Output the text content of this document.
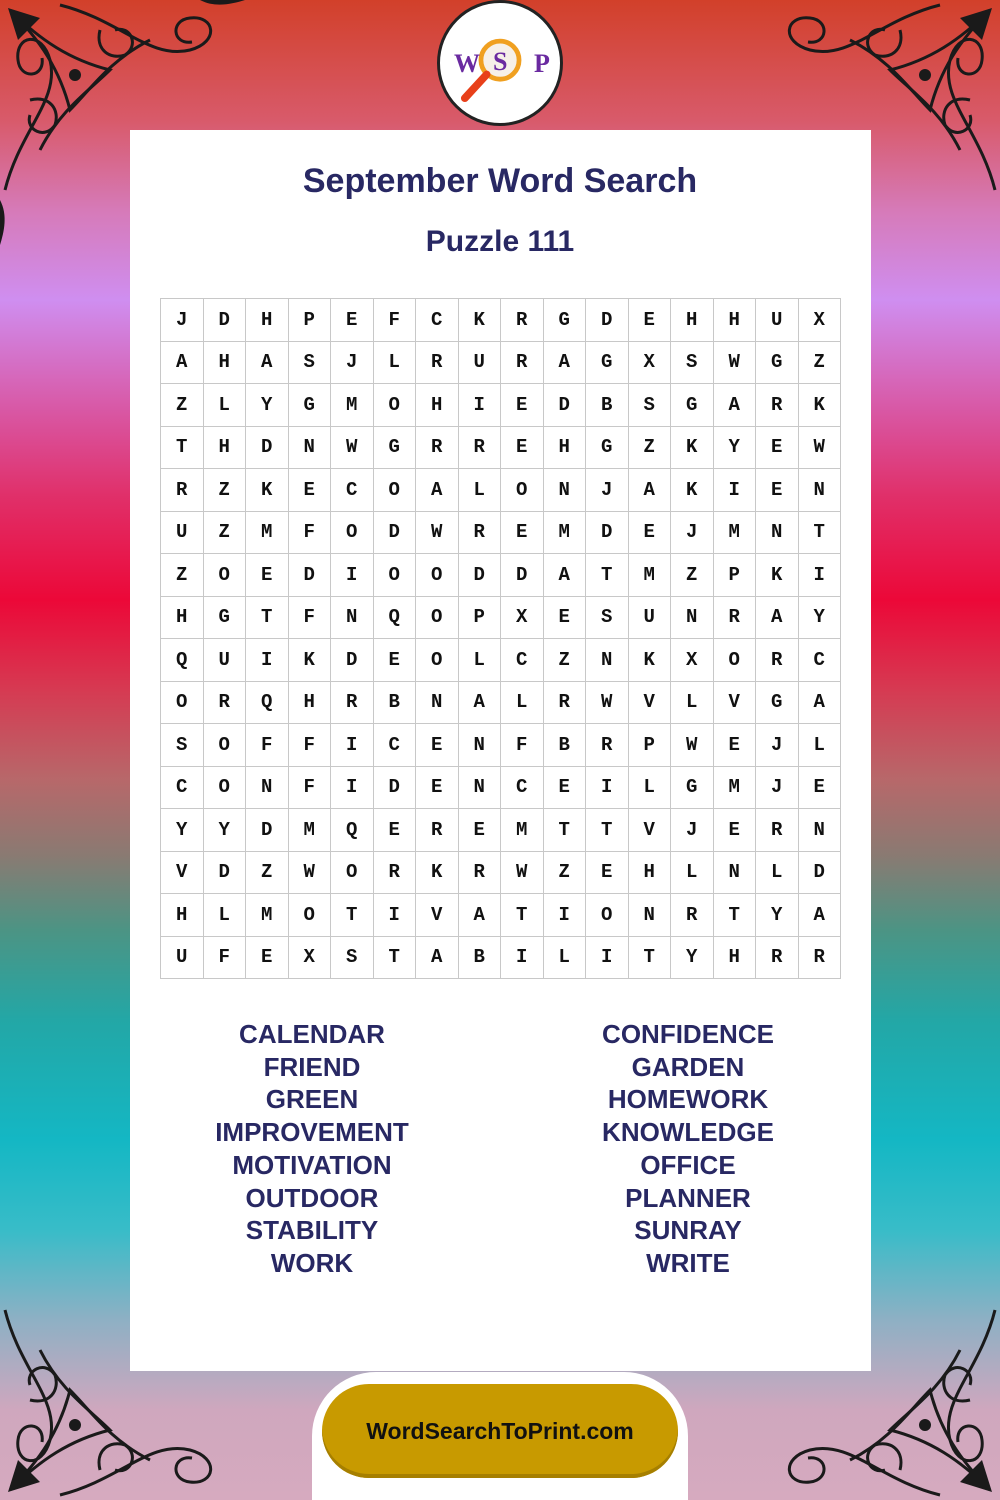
W S P
September Word Search
Puzzle 111
J	D	H	P	E	F	C	K	R	G	D	E	H	H	U	X
A	H	A	S	J	L	R	U	R	A	G	X	S	W	G	Z
Z	L	Y	G	M	O	H	I	E	D	B	S	G	A	R	K
T	H	D	N	W	G	R	R	E	H	G	Z	K	Y	E	W
R	Z	K	E	C	O	A	L	O	N	J	A	K	I	E	N
U	Z	M	F	O	D	W	R	E	M	D	E	J	M	N	T
Z	O	E	D	I	O	O	D	D	A	T	M	Z	P	K	I
H	G	T	F	N	Q	O	P	X	E	S	U	N	R	A	Y
Q	U	I	K	D	E	O	L	C	Z	N	K	X	O	R	C
O	R	Q	H	R	B	N	A	L	R	W	V	L	V	G	A
S	O	F	F	I	C	E	N	F	B	R	P	W	E	J	L
C	O	N	F	I	D	E	N	C	E	I	L	G	M	J	E
Y	Y	D	M	Q	E	R	E	M	T	T	V	J	E	R	N
V	D	Z	W	O	R	K	R	W	Z	E	H	L	N	L	D
H	L	M	O	T	I	V	A	T	I	O	N	R	T	Y	A
U	F	E	X	S	T	A	B	I	L	I	T	Y	H	R	R
CALENDAR
FRIEND
GREEN
IMPROVEMENT
MOTIVATION
OUTDOOR
STABILITY
WORK
CONFIDENCE
GARDEN
HOMEWORK
KNOWLEDGE
OFFICE
PLANNER
SUNRAY
WRITE
WordSearchToPrint.com
